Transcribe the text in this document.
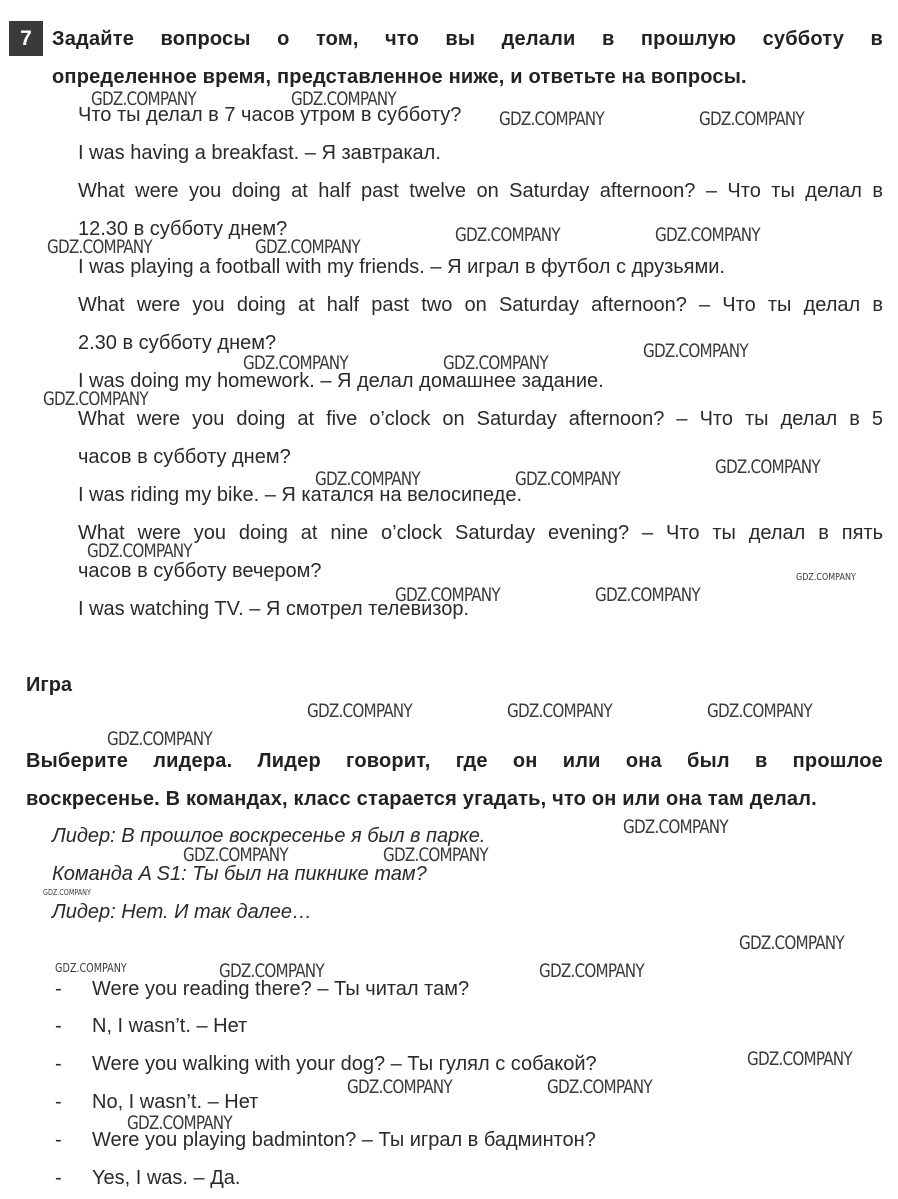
7	Задайте вопросы о том, что вы делали в прошлую субботу в
определенное время, представленное ниже, и ответьте на вопросы.
Что ты делал в 7 часов утром в субботу?
I was having a breakfast. – Я завтракал.
What were you doing at half past twelve on Saturday afternoon? – Что ты делал в
12.30 в субботу днем?
I was playing a football with my friends. – Я играл в футбол с друзьями.
What were you doing at half past two on Saturday afternoon? – Что ты делал в
2.30 в субботу днем?
I was doing my homework. – Я делал домашнее задание.
What were you doing at five o’clock on Saturday afternoon? – Что ты делал в 5
часов в субботу днем?
I was riding my bike. – Я катался на велосипеде.
What were you doing at nine o’clock Saturday evening? – Что ты делал в пять
часов в субботу вечером?
I was watching TV. – Я смотрел телевизор.
Игра
Выберите лидера. Лидер говорит, где он или она был в прошлое
воскресенье. В командах, класс старается угадать, что он или она там делал.
Лидер: В прошлое воскресенье я был в парке.
Команда A S1: Ты был на пикнике там?
Лидер: Нет. И так далее…
- Were you reading there? – Ты читал там?
- N, I wasn’t. – Нет
- Were you walking with your dog? – Ты гулял с собакой?
- No, I wasn’t. – Нет
- Were you playing badminton? – Ты играл в бадминтон?
- Yes, I was. – Да.
GDZ.COMPANY	GDZ.COMPANY
GDZ.COMPANY	GDZ.COMPANY
GDZ.COMPANY	GDZ.COMPANY
GDZ.COMPANY	GDZ.COMPANY
GDZ.COMPANY	GDZ.COMPANY
GDZ.COMPANY
GDZ.COMPANY
GDZ.COMPANY	GDZ.COMPANY
GDZ.COMPANY
GDZ.COMPANY
GDZ.COMPANY
GDZ.COMPANY	GDZ.COMPANY
GDZ.COMPANY	GDZ.COMPANY	GDZ.COMPANY
GDZ.COMPANY
GDZ.COMPANY
GDZ.COMPANY	GDZ.COMPANY
GDZ.COMPANY
GDZ.COMPANY
GDZ.COMPANY	GDZ.COMPANY	GDZ.COMPANY
GDZ.COMPANY
GDZ.COMPANY	GDZ.COMPANY
GDZ.COMPANY
